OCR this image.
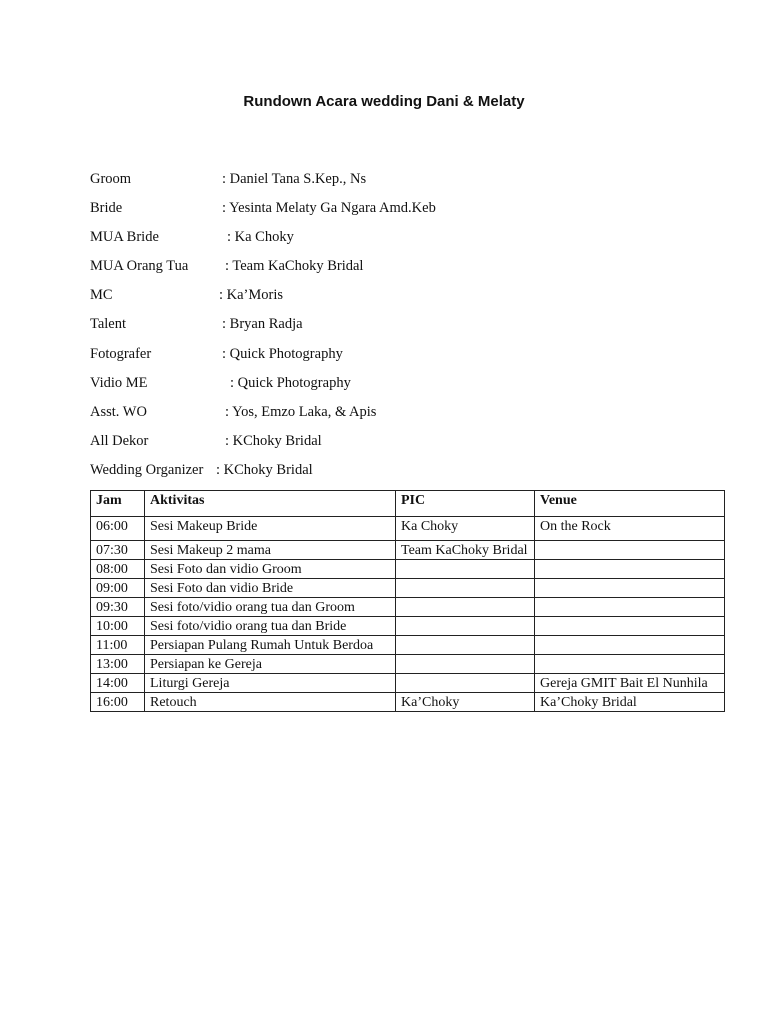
Rundown Acara wedding Dani & Melaty
Groom	: Daniel Tana S.Kep., Ns
Bride	: Yesinta Melaty Ga Ngara Amd.Keb
MUA Bride	: Ka Choky
MUA Orang Tua	: Team KaChoky Bridal
MC	: Ka’Moris
Talent	: Bryan Radja
Fotografer	: Quick Photography
Vidio ME	: Quick Photography
Asst. WO	: Yos, Emzo Laka, & Apis
All Dekor	: KChoky Bridal
Wedding Organizer : KChoky Bridal
Jam	Aktivitas	PIC	Venue
06:00	Sesi Makeup Bride	Ka Choky	On the Rock
07:30	Sesi Makeup 2 mama	Team KaChoky Bridal	
08:00	Sesi Foto dan vidio Groom		
09:00	Sesi Foto dan vidio Bride		
09:30	Sesi foto/vidio orang tua dan Groom		
10:00	Sesi foto/vidio orang tua dan Bride		
11:00	Persiapan Pulang Rumah Untuk Berdoa		
13:00	Persiapan ke Gereja		
14:00	Liturgi Gereja		Gereja GMIT Bait El Nunhila
16:00	Retouch	Ka’Choky	Ka’Choky Bridal
